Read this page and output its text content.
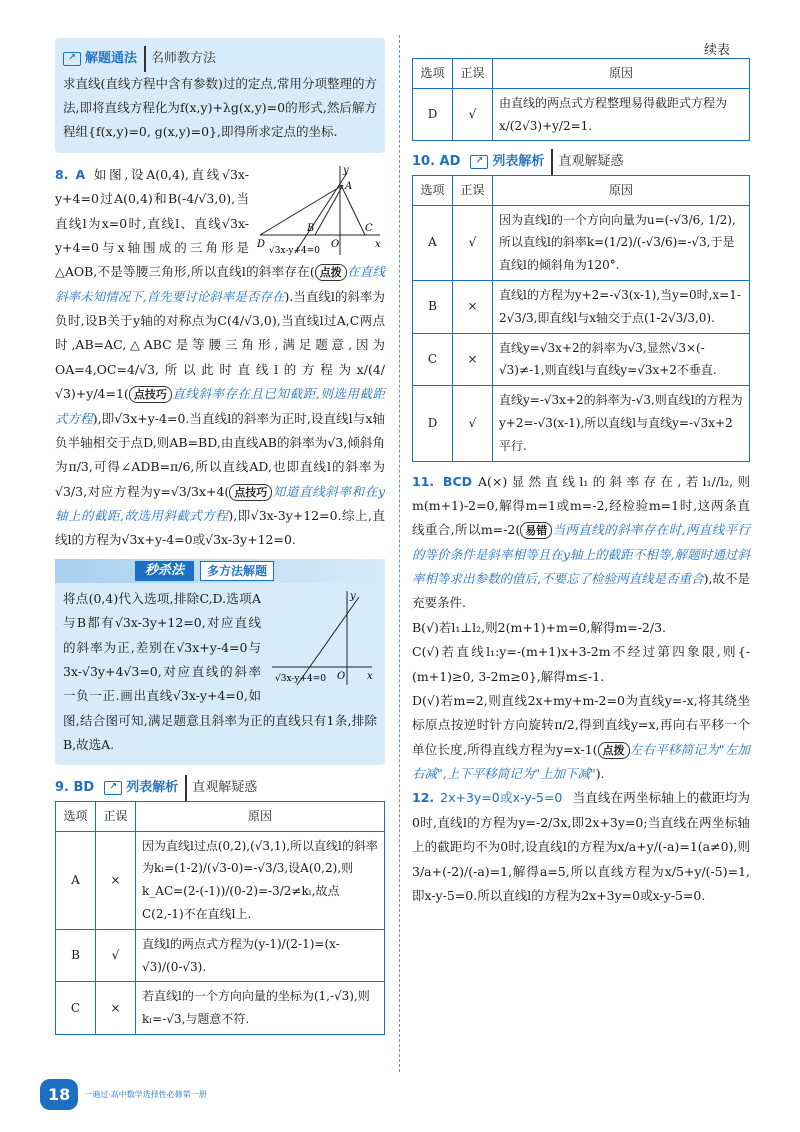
续表
↗ 解题通法	名师教方法

求直线(直线方程中含有参数)过的定点,常用分项整理的方法,即将直线方程化为f(x,y)+λg(x,y)=0的形式,然后解方程组{f(x,y)=0, g(x,y)=0},即得所求定点的坐标.

A
B	C
D	O	x
y
√3x-y+4=0

8. A 如图,设A(0,4),直线√3x-y+4=0过A(0,4)和B(-4/√3,0),当直线l为x=0时,直线l、直线√3x-y+4=0与x轴围成的三角形是△AOB,不是等腰三角形,所以直线l的斜率存在( 点拨 在直线斜率未知情况下,首先要讨论斜率是否存在).当直线l的斜率为负时,设B关于y轴的对称点为C(4/√3,0),当直线l过A,C两点时,AB=AC,△ABC是等腰三角形,满足题意,因为OA=4,OC=4/√3,所以此时直线l的方程为x/(4/√3)+y/4=1( 点技巧 直线斜率存在且已知截距,则选用截距式方程),即√3x+y-4=0.当直线l的斜率为正时,设直线l与x轴负半轴相交于点D,则AB=BD,由直线AB的斜率为√3,倾斜角为π/3,可得∠ADB=π/6,所以直线AD,也即直线l的斜率为√3/3,对应方程为y=√3/3x+4( 点技巧 知道直线斜率和在y轴上的截距,故选用斜截式方程),即√3x-3y+12=0.综上,直线l的方程为√3x+y-4=0或√3x-3y+12=0.

秒杀法	多方法解题
x
y
O
√3x-y+4=0

将点(0,4)代入选项,排除C,D.选项A与B都有√3x-3y+12=0,对应直线的斜率为正,差别在√3x+y-4=0与3x-√3y+4√3=0,对应直线的斜率一负一正.画出直线√3x-y+4=0,如图,结合图可知,满足题意且斜率为正的直线只有1条,排除B,故选A.

9. BD	↗ 列表解析	直观解疑惑
选项	正误	原因
A	×	因为直线l过点(0,2),(√3,1),所以直线l的斜率为kₗ=(1-2)/(√3-0)=-√3/3,设A(0,2),则k_AC=(2-(-1))/(0-2)=-3/2≠kₗ,故点C(2,-1)不在直线l上.
B	√	直线l的两点式方程为(y-1)/(2-1)=(x-√3)/(0-√3).
C	×	若直线l的一个方向向量的坐标为(1,-√3),则kₗ=-√3,与题意不符.
选项	正误	原因
D	√	由直线的两点式方程整理易得截距式方程为x/(2√3)+y/2=1.
10. AD	↗ 列表解析	直观解疑惑
选项	正误	原因
A	√	因为直线l的一个方向向量为u=(-√3/6, 1/2),所以直线l的斜率k=(1/2)/(-√3/6)=-√3,于是直线l的倾斜角为120°.
B	×	直线l的方程为y+2=-√3(x-1),当y=0时,x=1-2√3/3,即直线l与x轴交于点(1-2√3/3,0).
C	×	直线y=√3x+2的斜率为√3,显然√3×(-√3)≠-1,则直线l与直线y=√3x+2不垂直.
D	√	直线y=-√3x+2的斜率为-√3,则直线l的方程为y+2=-√3(x-1),所以直线l与直线y=-√3x+2平行.

11. BCD A(×)显然直线l₁的斜率存在,若l₁//l₂,则m(m+1)-2=0,解得m=1或m=-2,经检验m=1时,这两条直线重合,所以m=-2( 易错 当两直线的斜率存在时,两直线平行的等价条件是斜率相等且在y轴上的截距不相等,解题时通过斜率相等求出参数的值后,不要忘了检验两直线是否重合),故不是充要条件.

B(√)若l₁⊥l₂,则2(m+1)+m=0,解得m=-2/3.

C(√)若直线l₁:y=-(m+1)x+3-2m不经过第四象限,则{-(m+1)≥0, 3-2m≥0},解得m≤-1.

D(√)若m=2,则直线2x+my+m-2=0为直线y=-x,将其绕坐标原点按逆时针方向旋转π/2,得到直线y=x,再向右平移一个单位长度,所得直线方程为y=x-1( 点拨 左右平移简记为"左加右减",上下平移简记为"上加下减").

12. 2x+3y=0或x-y-5=0 当直线在两坐标轴上的截距均为0时,直线l的方程为y=-2/3x,即2x+3y=0;当直线在两坐标轴上的截距均不为0时,设直线l的方程为x/a+y/(-a)=1(a≠0),则3/a+(-2)/(-a)=1,解得a=5,所以直线方程为x/5+y/(-5)=1,即x-y-5=0.所以直线l的方程为2x+3y=0或x-y-5=0.

18	一遍过·高中数学选择性必修第一册
